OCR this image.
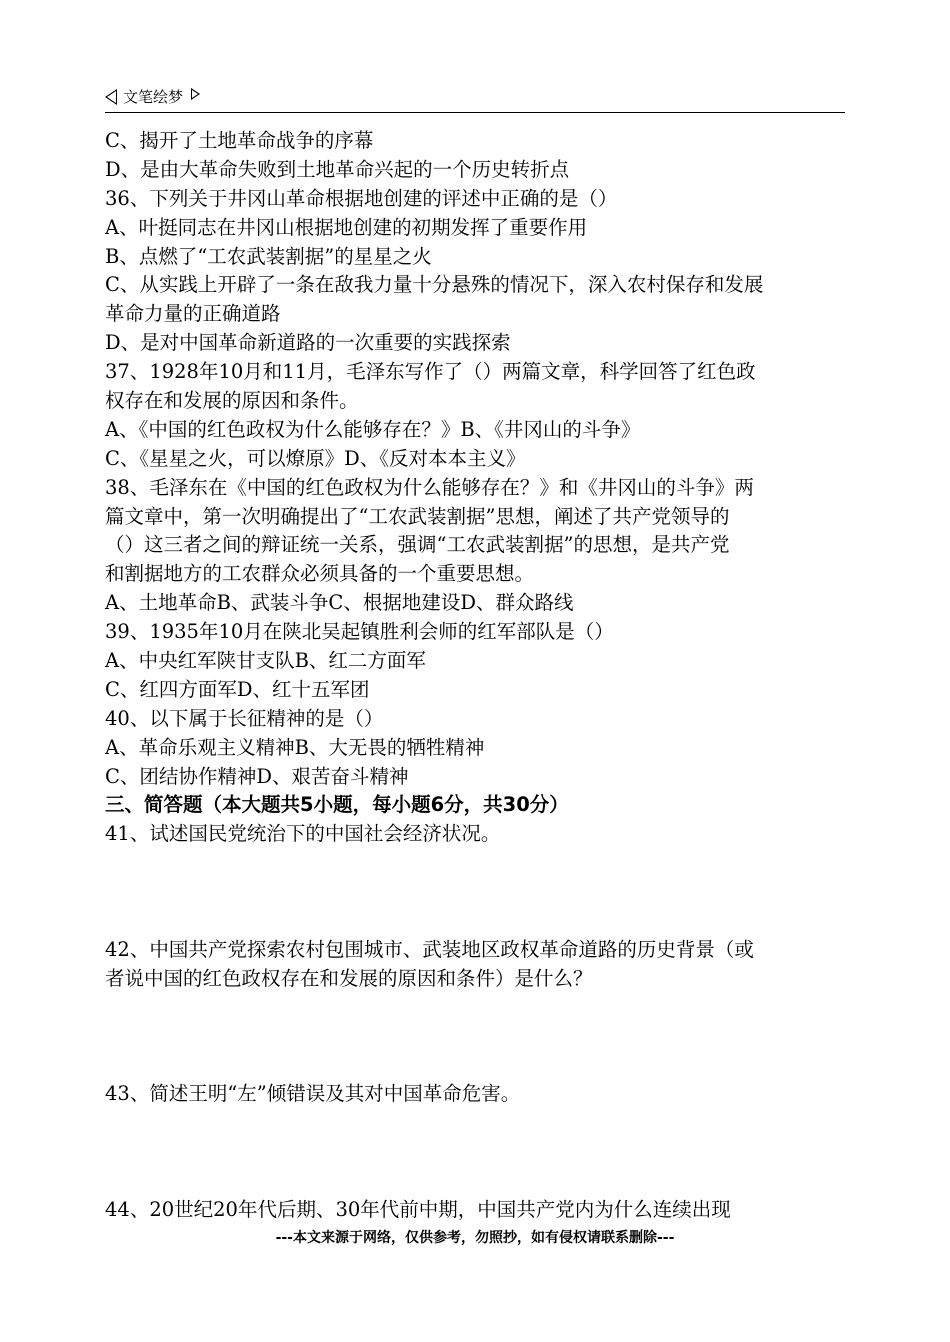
文笔绘梦
C、揭开了土地革命战争的序幕
D、是由大革命失败到土地革命兴起的一个历史转折点
36、下列关于井冈山革命根据地创建的评述中正确的是（）
A、叶挺同志在井冈山根据地创建的初期发挥了重要作用
B、点燃了“工农武装割据”的星星之火
C、从实践上开辟了一条在敌我力量十分悬殊的情况下，深入农村保存和发展
革命力量的正确道路
D、是对中国革命新道路的一次重要的实践探索
37、1928年10月和11月，毛泽东写作了（）两篇文章，科学回答了红色政
权存在和发展的原因和条件。
A、《中国的红色政权为什么能够存在？》B、《井冈山的斗争》
C、《星星之火，可以燎原》D、《反对本本主义》
38、毛泽东在《中国的红色政权为什么能够存在？》和《井冈山的斗争》两
篇文章中，第一次明确提出了“工农武装割据”思想，阐述了共产党领导的
（）这三者之间的辩证统一关系，强调“工农武装割据”的思想，是共产党
和割据地方的工农群众必须具备的一个重要思想。
A、土地革命B、武装斗争C、根据地建设D、群众路线
39、1935年10月在陕北吴起镇胜利会师的红军部队是（）
A、中央红军陕甘支队B、红二方面军
C、红四方面军D、红十五军团
40、以下属于长征精神的是（）
A、革命乐观主义精神B、大无畏的牺牲精神
C、团结协作精神D、艰苦奋斗精神
三、简答题（本大题共5小题，每小题6分，共30分）
41、试述国民党统治下的中国社会经济状况。
42、中国共产党探索农村包围城市、武装地区政权革命道路的历史背景（或
者说中国的红色政权存在和发展的原因和条件）是什么？
43、简述王明“左”倾错误及其对中国革命危害。
44、20世纪20年代后期、30年代前中期，中国共产党内为什么连续出现
---本文来源于网络，仅供参考，勿照抄，如有侵权请联系删除---
